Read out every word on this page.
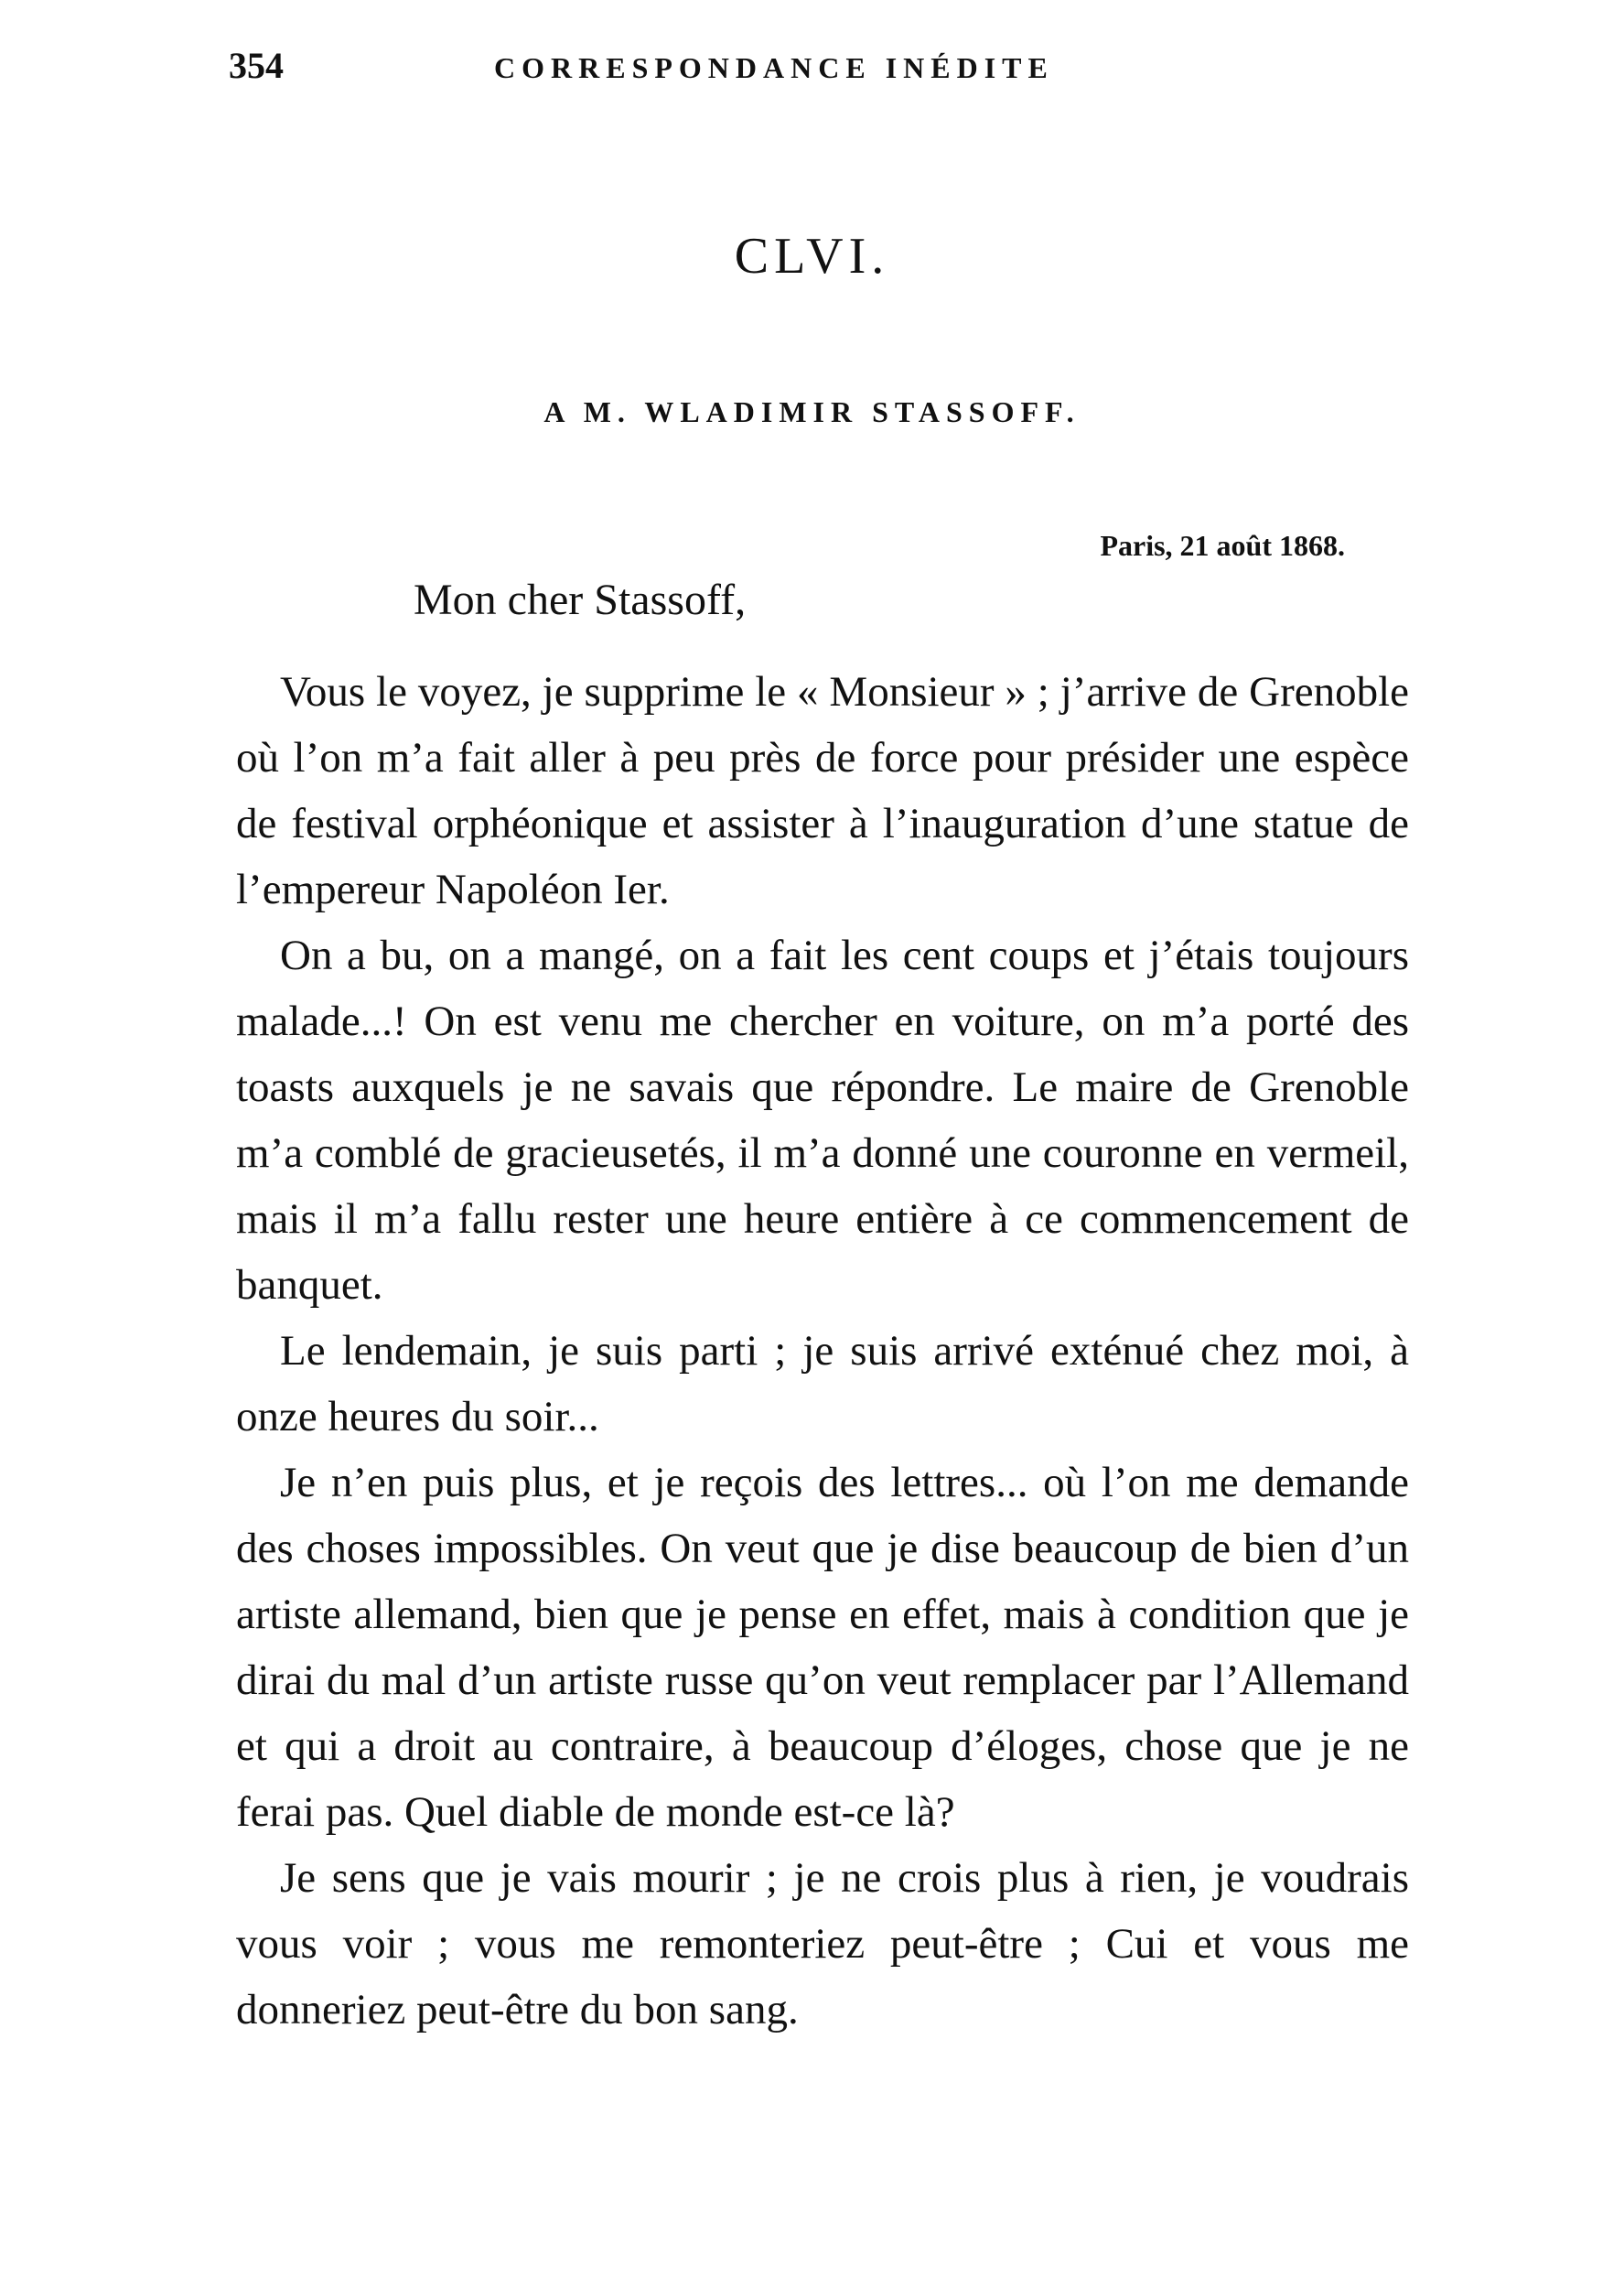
354	CORRESPONDANCE INÉDITE
CLVI.
A M. WLADIMIR STASSOFF.
Paris, 21 août 1868.
Mon cher Stassoff,

Vous le voyez, je supprime le « Monsieur » ; j’arrive de Grenoble où l’on m’a fait aller à peu près de force pour présider une espèce de festival orphéonique et assister à l’inauguration d’une statue de l’empereur Napoléon Ier.

On a bu, on a mangé, on a fait les cent coups et j’étais toujours malade...! On est venu me chercher en voiture, on m’a porté des toasts auxquels je ne savais que répondre. Le maire de Grenoble m’a comblé de gracieusetés, il m’a donné une couronne en vermeil, mais il m’a fallu rester une heure entière à ce commencement de banquet.

Le lendemain, je suis parti ; je suis arrivé exténué chez moi, à onze heures du soir...

Je n’en puis plus, et je reçois des lettres... où l’on me demande des choses impossibles. On veut que je dise beaucoup de bien d’un artiste allemand, bien que je pense en effet, mais à condition que je dirai du mal d’un artiste russe qu’on veut remplacer par l’Allemand et qui a droit au contraire, à beaucoup d’éloges, chose que je ne ferai pas. Quel diable de monde est-ce là?

Je sens que je vais mourir ; je ne crois plus à rien, je voudrais vous voir ; vous me remonteriez peut-être ; Cui et vous me donneriez peut-être du bon sang.
